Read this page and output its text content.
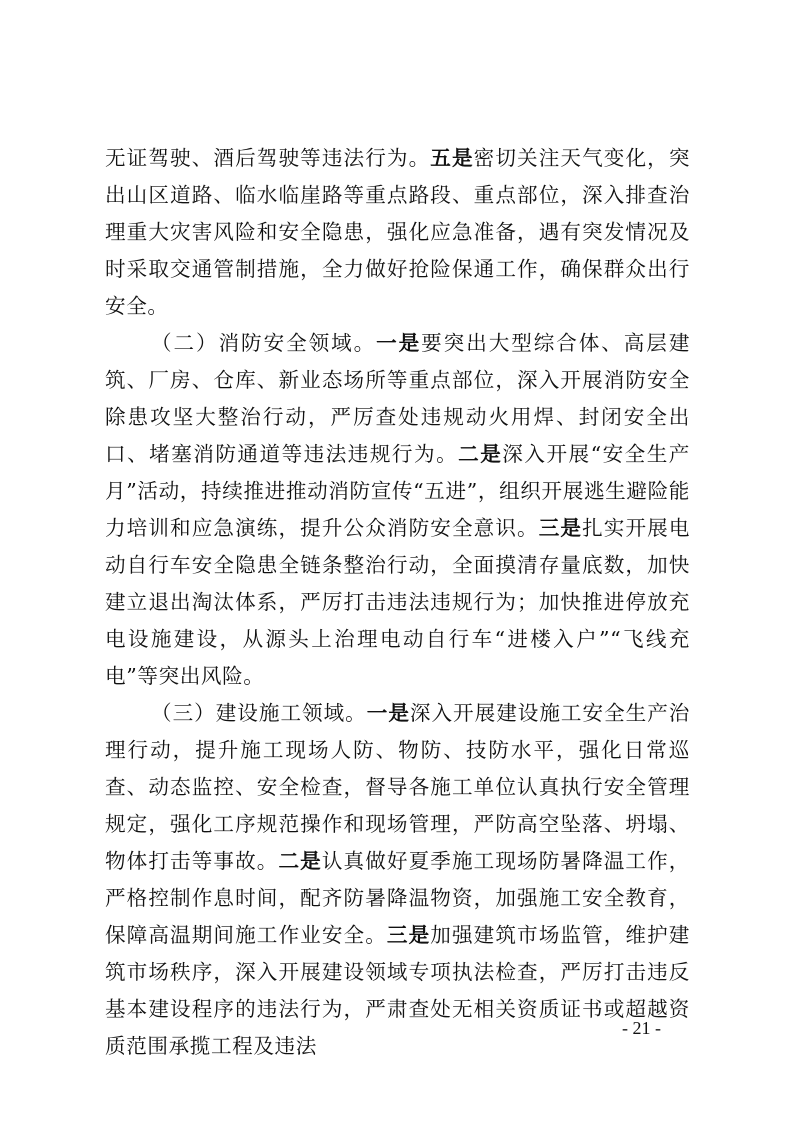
无证驾驶、酒后驾驶等违法行为。五是密切关注天气变化，突出山区道路、临水临崖路等重点路段、重点部位，深入排查治理重大灾害风险和安全隐患，强化应急准备，遇有突发情况及时采取交通管制措施，全力做好抢险保通工作，确保群众出行安全。

（二）消防安全领域。一是要突出大型综合体、高层建筑、厂房、仓库、新业态场所等重点部位，深入开展消防安全除患攻坚大整治行动，严厉查处违规动火用焊、封闭安全出口、堵塞消防通道等违法违规行为。二是深入开展“安全生产月”活动，持续推进推动消防宣传“五进”，组织开展逃生避险能力培训和应急演练，提升公众消防安全意识。三是扎实开展电动自行车安全隐患全链条整治行动，全面摸清存量底数，加快建立退出淘汰体系，严厉打击违法违规行为；加快推进停放充电设施建设，从源头上治理电动自行车“进楼入户”“飞线充电”等突出风险。

（三）建设施工领域。一是深入开展建设施工安全生产治理行动，提升施工现场人防、物防、技防水平，强化日常巡查、动态监控、安全检查，督导各施工单位认真执行安全管理规定，强化工序规范操作和现场管理，严防高空坠落、坍塌、物体打击等事故。二是认真做好夏季施工现场防暑降温工作，严格控制作息时间，配齐防暑降温物资，加强施工安全教育，保障高温期间施工作业安全。三是加强建筑市场监管，维护建筑市场秩序，深入开展建设领域专项执法检查，严厉打击违反基本建设程序的违法行为，严肃查处无相关资质证书或超越资质范围承揽工程及违法

- 21 -
